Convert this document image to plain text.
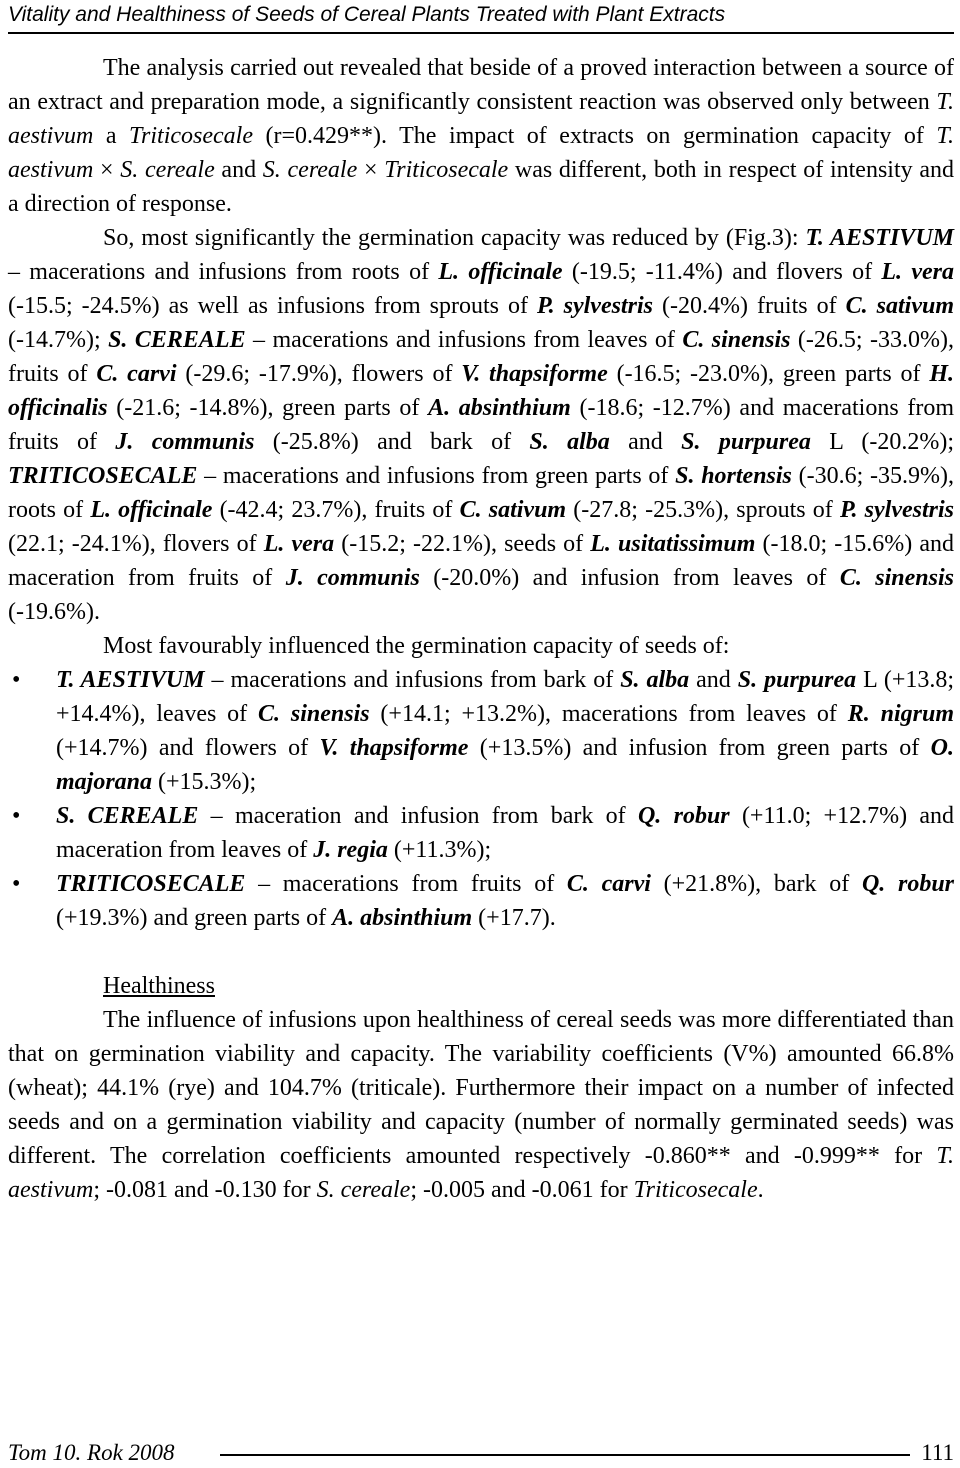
Vitality and Healthiness of Seeds of Cereal Plants Treated with Plant Extracts

The analysis carried out revealed that beside of a proved interaction between a source of an extract and preparation mode, a significantly consistent reaction was observed only between T. aestivum a Triticosecale (r=0.429**). The impact of extracts on germination capacity of T. aestivum × S. cereale and S. cereale × Triticosecale was different, both in respect of intensity and a direction of response.

So, most significantly the germination capacity was reduced by (Fig.3): T. AESTIVUM – macerations and infusions from roots of L. officinale (-19.5; -11.4%) and flovers of L. vera (-15.5; -24.5%) as well as infusions from sprouts of P. sylvestris (-20.4%) fruits of C. sativum (-14.7%); S. CEREALE – macerations and infusions from leaves of C. sinensis (-26.5; -33.0%), fruits of C. carvi (-29.6; -17.9%), flowers of V. thapsiforme (-16.5; -23.0%), green parts of H. officinalis (-21.6; -14.8%), green parts of A. absinthium (-18.6; -12.7%) and macerations from fruits of J. communis (-25.8%) and bark of S. alba and S. purpurea L (-20.2%); TRITICOSECALE – macerations and infusions from green parts of S. hortensis (-30.6; -35.9%), roots of L. officinale (-42.4; 23.7%), fruits of C. sativum (-27.8; -25.3%), sprouts of P. sylvestris (22.1; -24.1%), flovers of L. vera (-15.2; -22.1%), seeds of L. usitatissimum (-18.0; -15.6%) and maceration from fruits of J. communis (-20.0%) and infusion from leaves of C. sinensis (-19.6%).

Most favourably influenced the germination capacity of seeds of:

• T. AESTIVUM – macerations and infusions from bark of S. alba and S. purpurea L (+13.8; +14.4%), leaves of C. sinensis (+14.1; +13.2%), macerations from leaves of R. nigrum (+14.7%) and flowers of V. thapsiforme (+13.5%) and infusion from green parts of O. majorana (+15.3%);
• S. CEREALE – maceration and infusion from bark of Q. robur (+11.0; +12.7%) and maceration from leaves of J. regia (+11.3%);
• TRITICOSECALE – macerations from fruits of C. carvi (+21.8%), bark of Q. robur (+19.3%) and green parts of A. absinthium (+17.7).

Healthiness

The influence of infusions upon healthiness of cereal seeds was more differentiated than that on germination viability and capacity. The variability coefficients (V%) amounted 66.8% (wheat); 44.1% (rye) and 104.7% (triticale). Furthermore their impact on a number of infected seeds and on a germination viability and capacity (number of normally germinated seeds) was different. The correlation coefficients amounted respectively -0.860** and -0.999** for T. aestivum; -0.081 and -0.130 for S. cereale; -0.005 and -0.061 for Triticosecale.

Tom 10. Rok 2008	111
